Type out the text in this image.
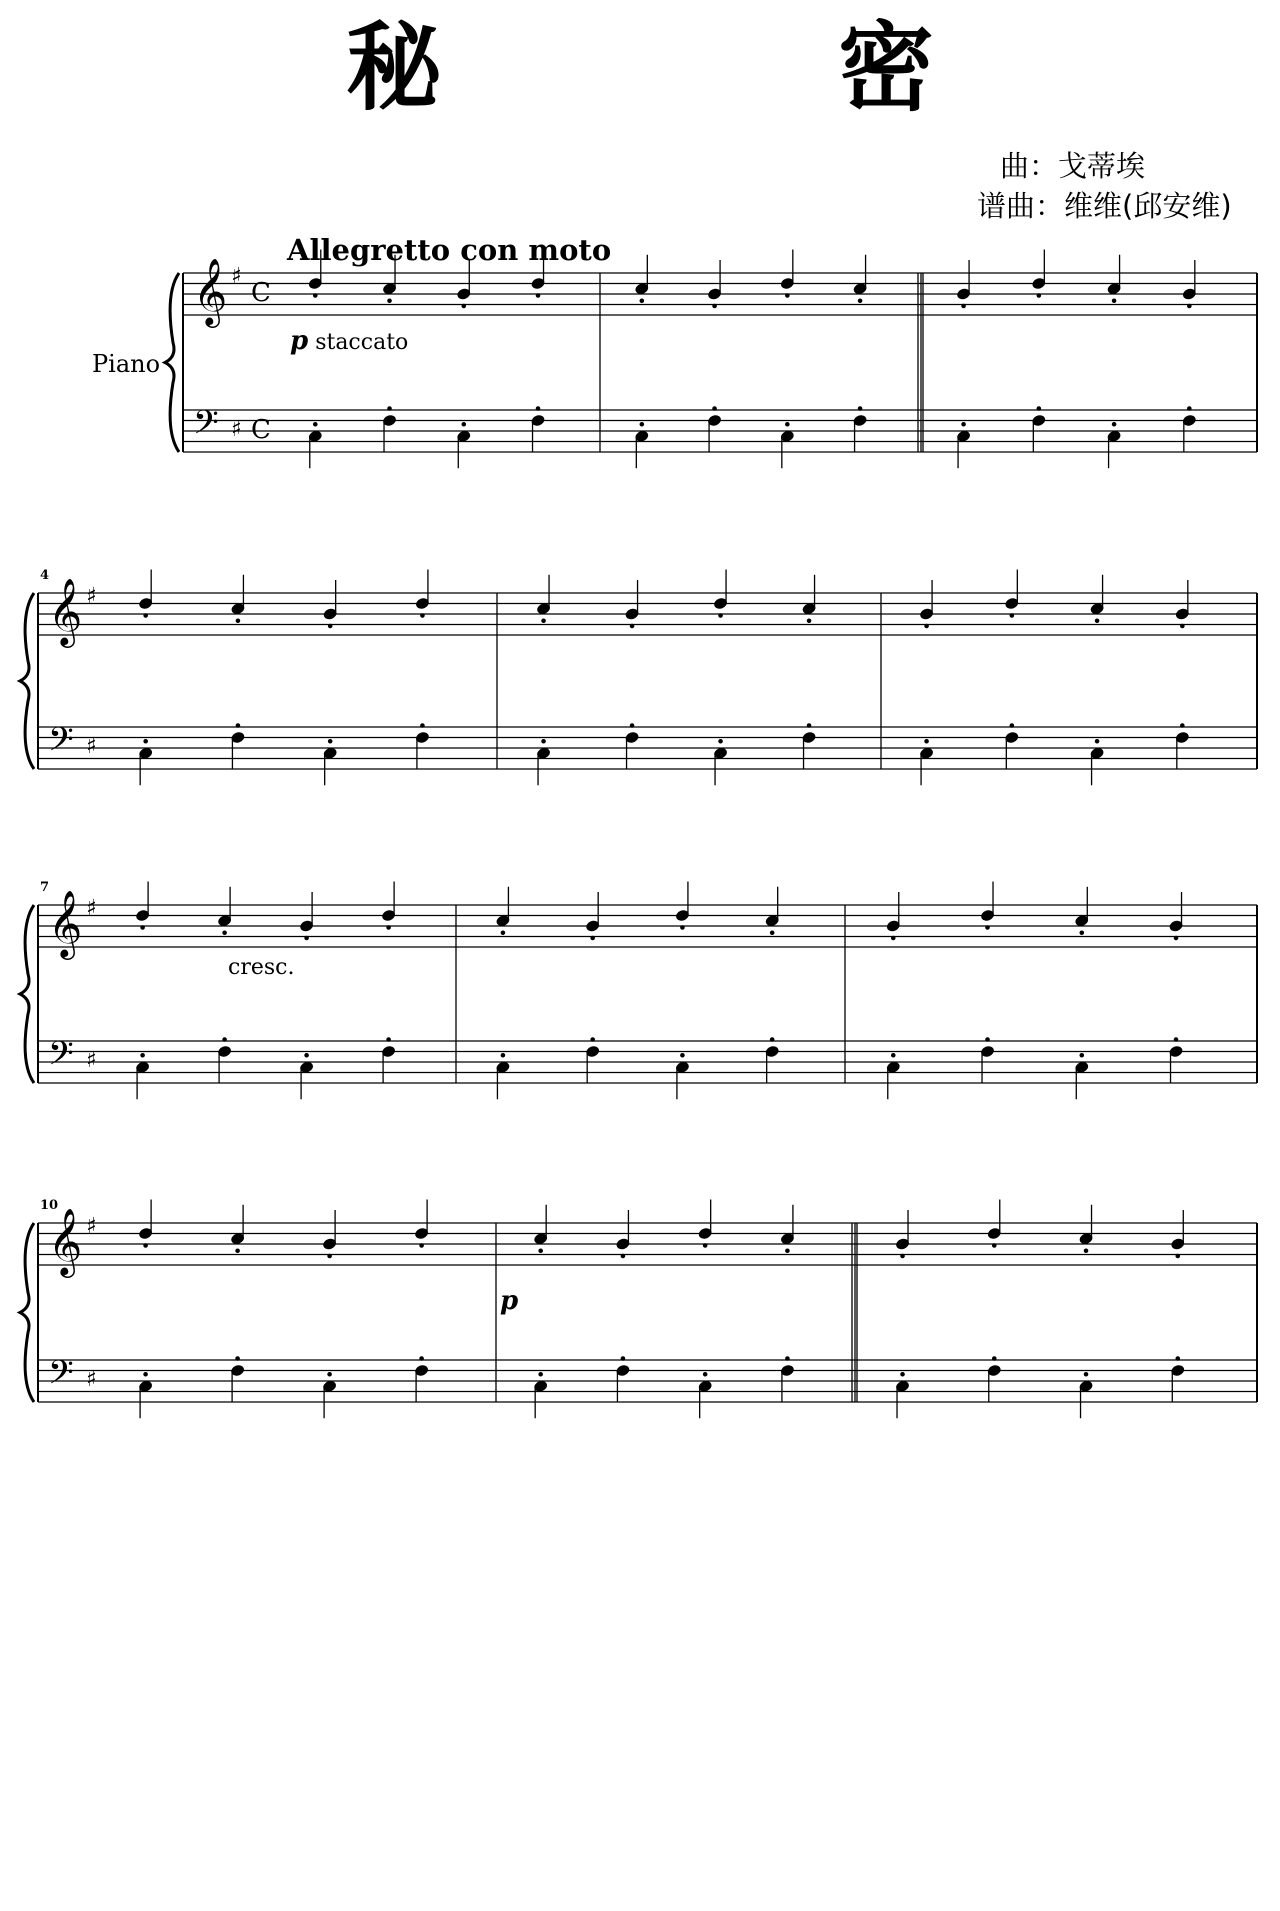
秘　密
曲：戈蒂埃
谱曲：维维(邱安维)
Allegretto con moto
Piano
p staccato
cresc.
p
𝄞
𝄢
♯
♯
C
C
𝄞
𝄢
♯
♯
𝄞
𝄢
♯
♯
𝄞
𝄢
♯
♯
4
7
10
